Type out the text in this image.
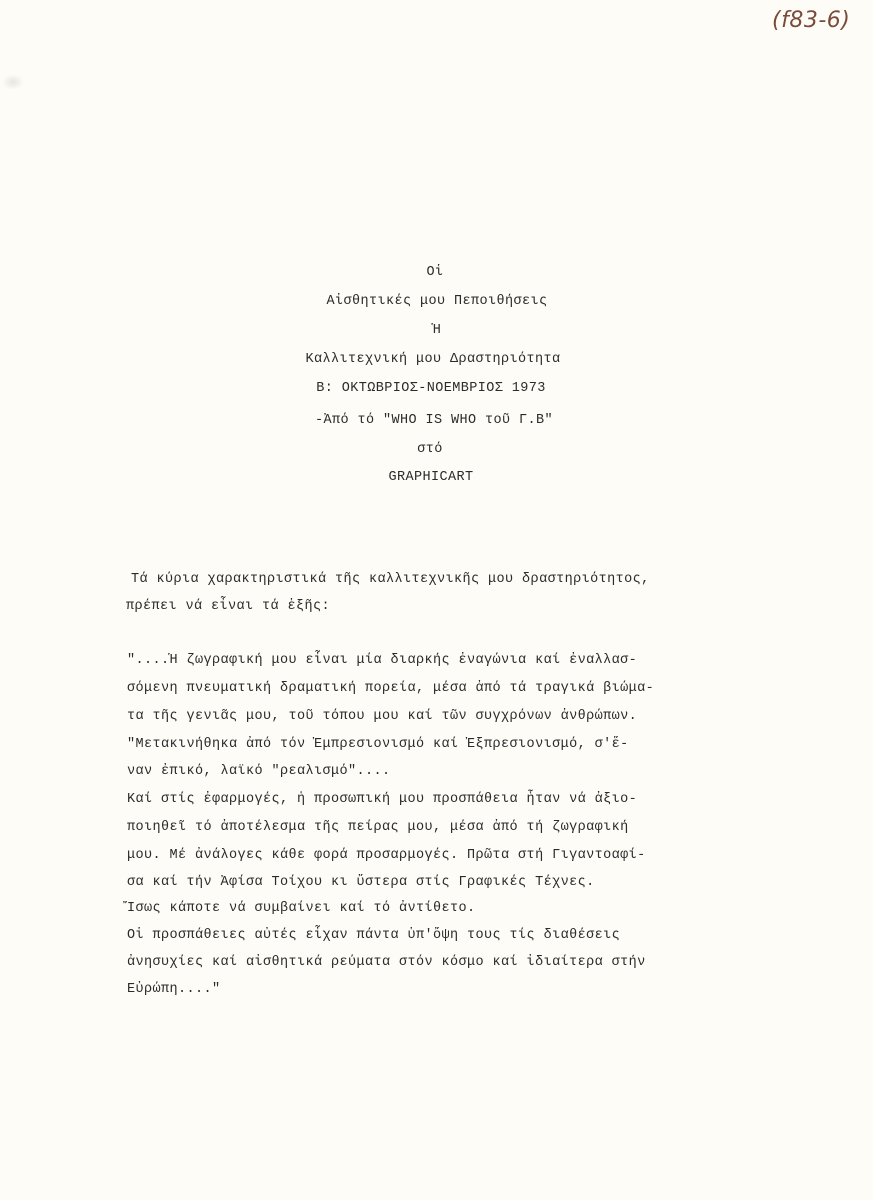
(f83-6)
Οἱ
Αἰσθητικές μου Πεποιθήσεις
Ἡ
Καλλιτεχνική μου Δραστηριότητα
Β: ΟΚΤΩΒΡΙΟΣ-ΝΟΕΜΒΡΙΟΣ 1973
-Ἀπό τό "WHO IS WHO τοῦ Γ.Β"
στό
GRAPHICART
Τά κύρια χαρακτηριστικά τῆς καλλιτεχνικῆς μου δραστηριότητος,
πρέπει νά εἶναι τά ἑξῆς:
"....Ἡ ζωγραφική μου εἶναι μία διαρκής ἐναγώνια καί ἐναλλασ-
σόμενη πνευματική δραματική πορεία, μέσα ἀπό τά τραγικά βιώμα-
τα τῆς γενιᾶς μου, τοῦ τόπου μου καί τῶν συγχρόνων ἀνθρώπων.
"Μετακινήθηκα ἀπό τόν Ἐμπρεσιονισμό καί Ἐξπρεσιονισμό, σ'ἕ-
ναν ἐπικό, λαϊκό "ρεαλισμό"....
Καί στίς ἐφαρμογές, ἡ προσωπική μου προσπάθεια ἦταν νά ἀξιο-
ποιηθεῖ τό ἀποτέλεσμα τῆς πείρας μου, μέσα ἀπό τή ζωγραφική
μου. Μέ ἀνάλογες κάθε φορά προσαρμογές. Πρῶτα στή Γιγαντοαφί-
σα καί τήν Ἀφίσα Τοίχου κι ὕστερα στίς Γραφικές Τέχνες.
Ἴσως κάποτε νά συμβαίνει καί τό ἀντίθετο.
Οἱ προσπάθειες αὐτές εἶχαν πάντα ὑπ'ὄψη τους τίς διαθέσεις
ἀνησυχίες καί αἰσθητικά ρεύματα στόν κόσμο καί ἰδιαίτερα στήν
Εὐρώπη...."
